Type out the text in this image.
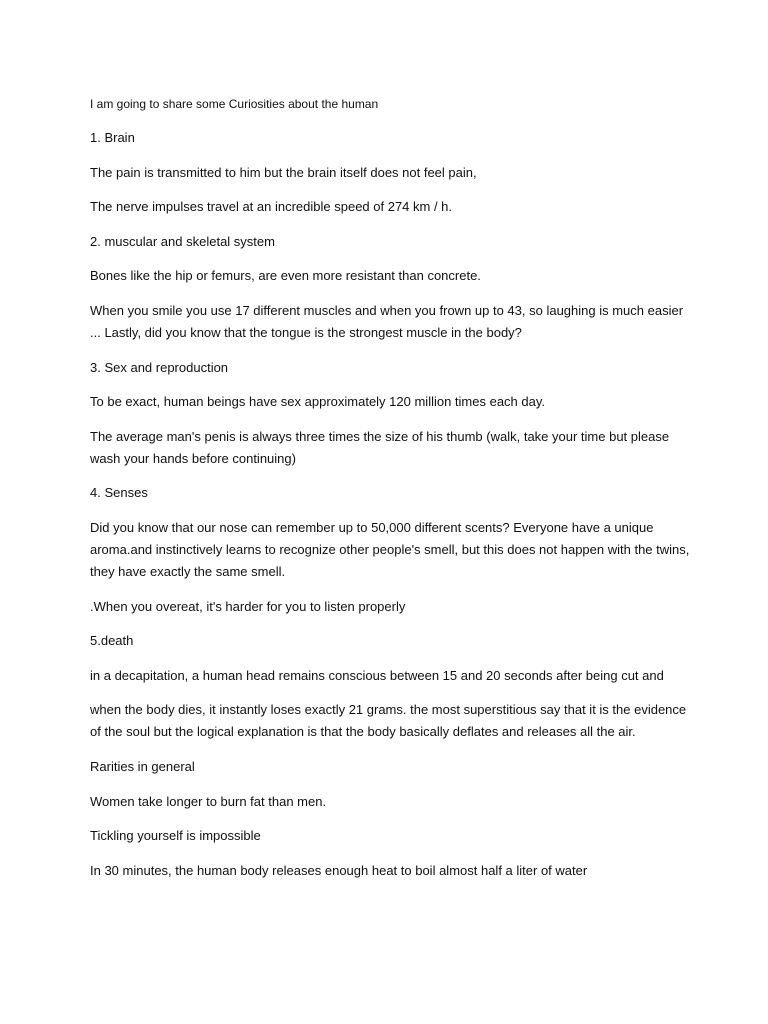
I am going to share some Curiosities about the human

1. Brain

The pain is transmitted to him but the brain itself does not feel pain,

The nerve impulses travel at an incredible speed of 274 km / h.

2. muscular and skeletal system

Bones like the hip or femurs, are even more resistant than concrete.

When you smile you use 17 different muscles and when you frown up to 43, so laughing is much easier ... Lastly, did you know that the tongue is the strongest muscle in the body?

3. Sex and reproduction

To be exact, human beings have sex approximately 120 million times each day.

The average man's penis is always three times the size of his thumb (walk, take your time but please wash your hands before continuing)

4. Senses

Did you know that our nose can remember up to 50,000 different scents? Everyone have a unique aroma.and instinctively learns to recognize other people's smell, but this does not happen with the twins, they have exactly the same smell.

.When you overeat, it's harder for you to listen properly

5.death

in a decapitation, a human head remains conscious between 15 and 20 seconds after being cut and

when the body dies, it instantly loses exactly 21 grams. the most superstitious say that it is the evidence of the soul but the logical explanation is that the body basically deflates and releases all the air.

Rarities in general

Women take longer to burn fat than men.

Tickling yourself is impossible

In 30 minutes, the human body releases enough heat to boil almost half a liter of water
